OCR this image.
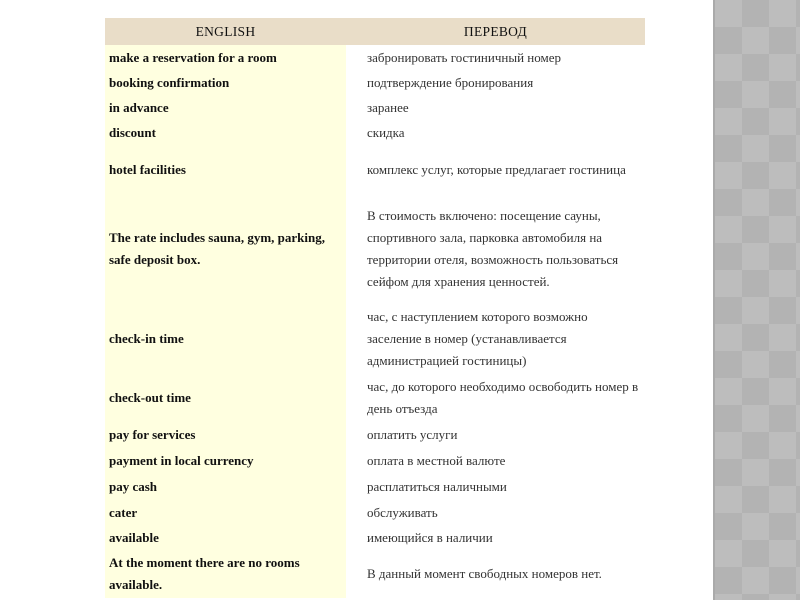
ENGLISH	ПЕРЕВОД
make a reservation for a room	забронировать гостиничный номер
booking confirmation	подтверждение бронирования
in advance	заранее
discount	скидка
hotel facilities	комплекс услуг, которые предлагает гостиница
The rate includes sauna, gym, parking, safe deposit box.	В стоимость включено: посещение сауны, спортивного зала, парковка автомобиля на территории отеля, возможность пользоваться сейфом для хранения ценностей.
check-in time	час, с наступлением которого возможно заселение в номер (устанавливается администрацией гостиницы)
check-out time	час, до которого необходимо освободить номер в день отъезда
pay for services	оплатить услуги
payment in local currency	оплата в местной валюте
pay cash	расплатиться наличными
cater	обслуживать
available	имеющийся в наличии
At the moment there are no rooms available.	В данный момент свободных номеров нет.
